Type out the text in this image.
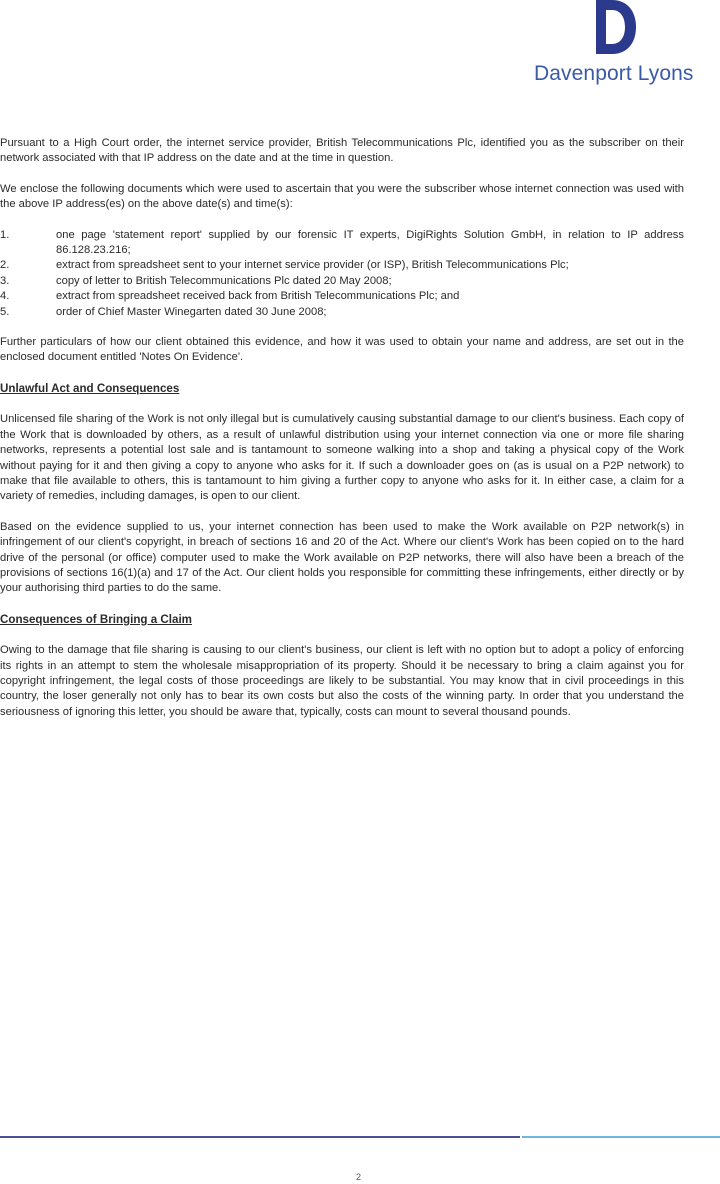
Davenport Lyons

Pursuant to a High Court order, the internet service provider, British Telecommunications Plc, identified you as the subscriber on their network associated with that IP address on the date and at the time in question.

We enclose the following documents which were used to ascertain that you were the subscriber whose internet connection was used with the above IP address(es) on the above date(s) and time(s):

1.	one page 'statement report' supplied by our forensic IT experts, DigiRights Solution GmbH, in relation to IP address 86.128.23.216;
2.	extract from spreadsheet sent to your internet service provider (or ISP), British Telecommunications Plc;
3.	copy of letter to British Telecommunications Plc dated 20 May 2008;
4.	extract from spreadsheet received back from British Telecommunications Plc; and
5.	order of Chief Master Winegarten dated 30 June 2008;

Further particulars of how our client obtained this evidence, and how it was used to obtain your name and address, are set out in the enclosed document entitled 'Notes On Evidence'.

Unlawful Act and Consequences

Unlicensed file sharing of the Work is not only illegal but is cumulatively causing substantial damage to our client's business. Each copy of the Work that is downloaded by others, as a result of unlawful distribution using your internet connection via one or more file sharing networks, represents a potential lost sale and is tantamount to someone walking into a shop and taking a physical copy of the Work without paying for it and then giving a copy to anyone who asks for it. If such a downloader goes on (as is usual on a P2P network) to make that file available to others, this is tantamount to him giving a further copy to anyone who asks for it. In either case, a claim for a variety of remedies, including damages, is open to our client.

Based on the evidence supplied to us, your internet connection has been used to make the Work available on P2P network(s) in infringement of our client's copyright, in breach of sections 16 and 20 of the Act. Where our client's Work has been copied on to the hard drive of the personal (or office) computer used to make the Work available on P2P networks, there will also have been a breach of the provisions of sections 16(1)(a) and 17 of the Act. Our client holds you responsible for committing these infringements, either directly or by your authorising third parties to do the same.

Consequences of Bringing a Claim

Owing to the damage that file sharing is causing to our client's business, our client is left with no option but to adopt a policy of enforcing its rights in an attempt to stem the wholesale misappropriation of its property. Should it be necessary to bring a claim against you for copyright infringement, the legal costs of those proceedings are likely to be substantial. You may know that in civil proceedings in this country, the loser generally not only has to bear its own costs but also the costs of the winning party. In order that you understand the seriousness of ignoring this letter, you should be aware that, typically, costs can mount to several thousand pounds.

2
